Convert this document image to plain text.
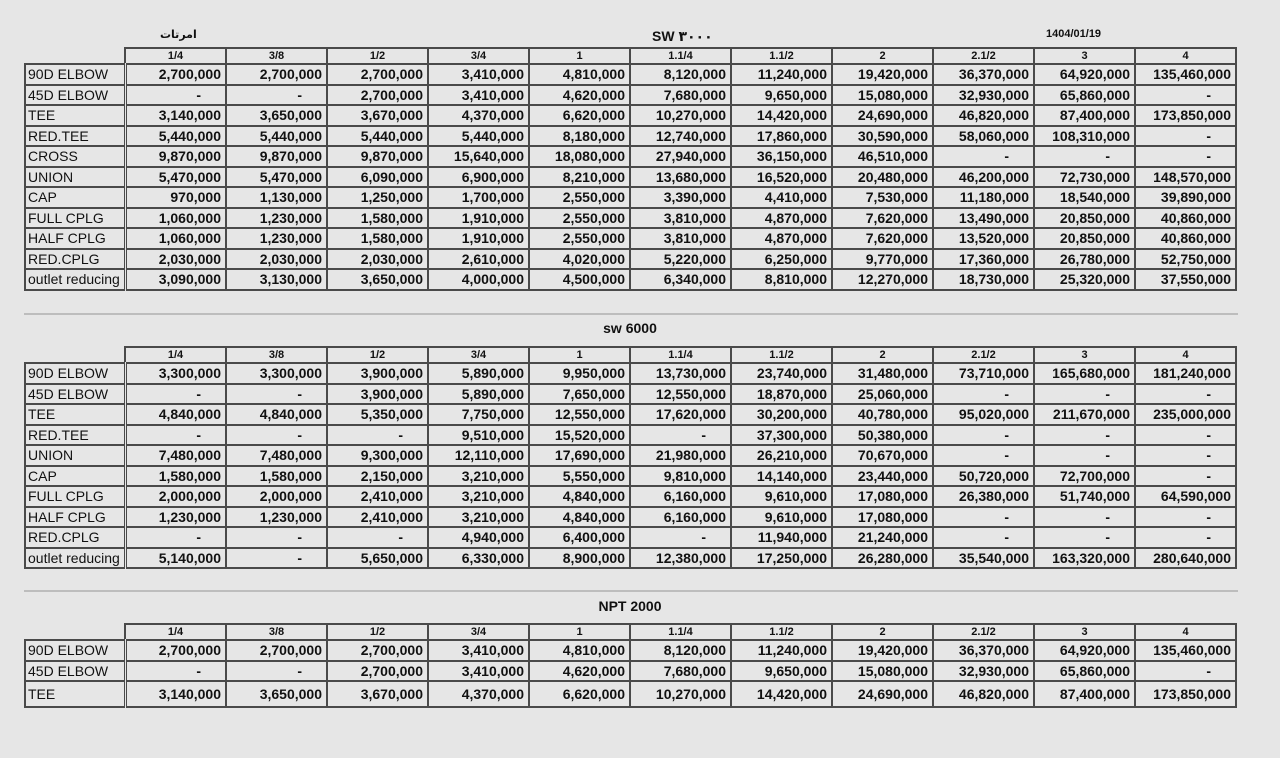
امرتات	SW ۳۰۰۰	1404/01/19
	1/4	3/8	1/2	3/4	1	1.1/4	1.1/2	2	2.1/2	3	4
90D ELBOW	2,700,000	2,700,000	2,700,000	3,410,000	4,810,000	8,120,000	11,240,000	19,420,000	36,370,000	64,920,000	135,460,000
45D ELBOW	-	-	2,700,000	3,410,000	4,620,000	7,680,000	9,650,000	15,080,000	32,930,000	65,860,000	-
TEE	3,140,000	3,650,000	3,670,000	4,370,000	6,620,000	10,270,000	14,420,000	24,690,000	46,820,000	87,400,000	173,850,000
RED.TEE	5,440,000	5,440,000	5,440,000	5,440,000	8,180,000	12,740,000	17,860,000	30,590,000	58,060,000	108,310,000	-
CROSS	9,870,000	9,870,000	9,870,000	15,640,000	18,080,000	27,940,000	36,150,000	46,510,000	-	-	-
UNION	5,470,000	5,470,000	6,090,000	6,900,000	8,210,000	13,680,000	16,520,000	20,480,000	46,200,000	72,730,000	148,570,000
CAP	970,000	1,130,000	1,250,000	1,700,000	2,550,000	3,390,000	4,410,000	7,530,000	11,180,000	18,540,000	39,890,000
FULL CPLG	1,060,000	1,230,000	1,580,000	1,910,000	2,550,000	3,810,000	4,870,000	7,620,000	13,490,000	20,850,000	40,860,000
HALF CPLG	1,060,000	1,230,000	1,580,000	1,910,000	2,550,000	3,810,000	4,870,000	7,620,000	13,520,000	20,850,000	40,860,000
RED.CPLG	2,030,000	2,030,000	2,030,000	2,610,000	4,020,000	5,220,000	6,250,000	9,770,000	17,360,000	26,780,000	52,750,000
outlet reducing	3,090,000	3,130,000	3,650,000	4,000,000	4,500,000	6,340,000	8,810,000	12,270,000	18,730,000	25,320,000	37,550,000
sw 6000
	1/4	3/8	1/2	3/4	1	1.1/4	1.1/2	2	2.1/2	3	4
90D ELBOW	3,300,000	3,300,000	3,900,000	5,890,000	9,950,000	13,730,000	23,740,000	31,480,000	73,710,000	165,680,000	181,240,000
45D ELBOW	-	-	3,900,000	5,890,000	7,650,000	12,550,000	18,870,000	25,060,000	-	-	-
TEE	4,840,000	4,840,000	5,350,000	7,750,000	12,550,000	17,620,000	30,200,000	40,780,000	95,020,000	211,670,000	235,000,000
RED.TEE	-	-	-	9,510,000	15,520,000	-	37,300,000	50,380,000	-	-	-
UNION	7,480,000	7,480,000	9,300,000	12,110,000	17,690,000	21,980,000	26,210,000	70,670,000	-	-	-
CAP	1,580,000	1,580,000	2,150,000	3,210,000	5,550,000	9,810,000	14,140,000	23,440,000	50,720,000	72,700,000	-
FULL CPLG	2,000,000	2,000,000	2,410,000	3,210,000	4,840,000	6,160,000	9,610,000	17,080,000	26,380,000	51,740,000	64,590,000
HALF CPLG	1,230,000	1,230,000	2,410,000	3,210,000	4,840,000	6,160,000	9,610,000	17,080,000	-	-	-
RED.CPLG	-	-	-	4,940,000	6,400,000	-	11,940,000	21,240,000	-	-	-
outlet reducing	5,140,000	-	5,650,000	6,330,000	8,900,000	12,380,000	17,250,000	26,280,000	35,540,000	163,320,000	280,640,000
NPT 2000
	1/4	3/8	1/2	3/4	1	1.1/4	1.1/2	2	2.1/2	3	4
90D ELBOW	2,700,000	2,700,000	2,700,000	3,410,000	4,810,000	8,120,000	11,240,000	19,420,000	36,370,000	64,920,000	135,460,000
45D ELBOW	-	-	2,700,000	3,410,000	4,620,000	7,680,000	9,650,000	15,080,000	32,930,000	65,860,000	-
TEE	3,140,000	3,650,000	3,670,000	4,370,000	6,620,000	10,270,000	14,420,000	24,690,000	46,820,000	87,400,000	173,850,000
